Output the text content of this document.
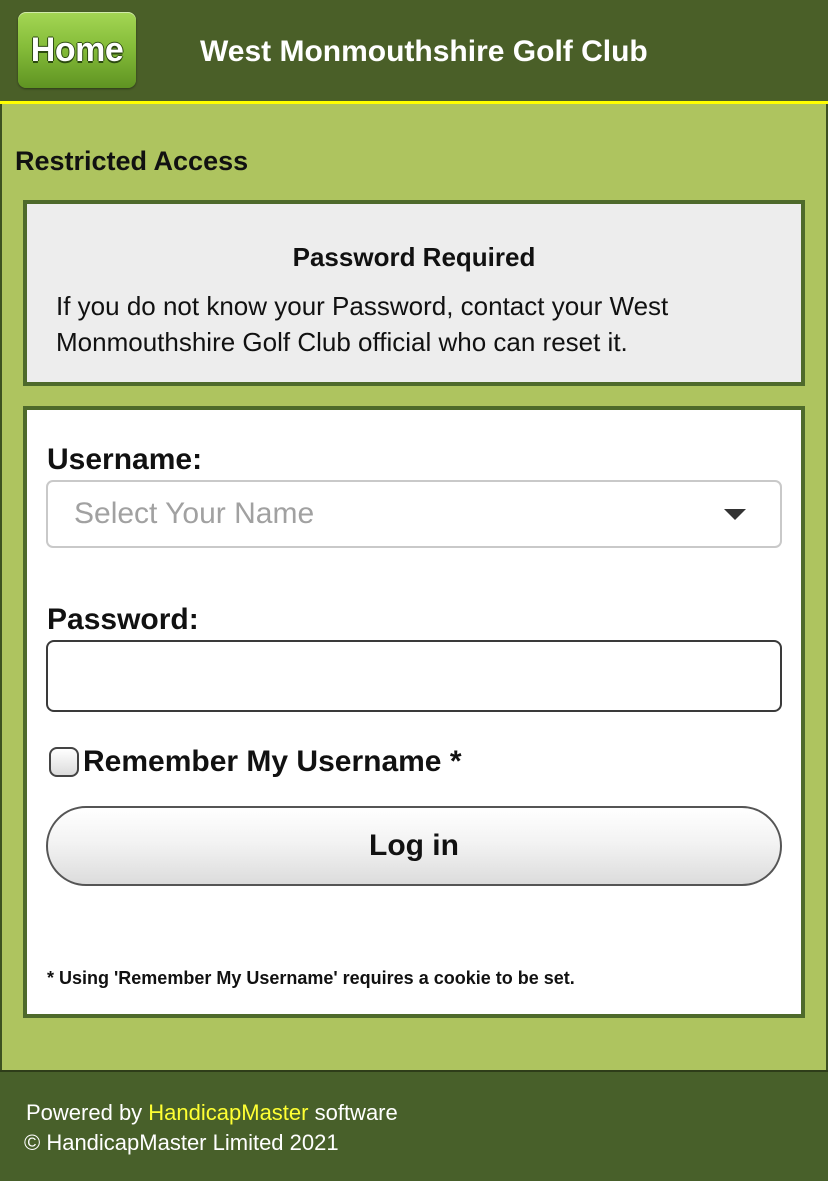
Home	West Monmouthshire Golf Club
Restricted Access
Password Required
If you do not know your Password, contact your West Monmouthshire Golf Club official who can reset it.
Username:
Select Your Name
Password:
Remember My Username *
Log in
* Using 'Remember My Username' requires a cookie to be set.
Powered by HandicapMaster software
© HandicapMaster Limited 2021
